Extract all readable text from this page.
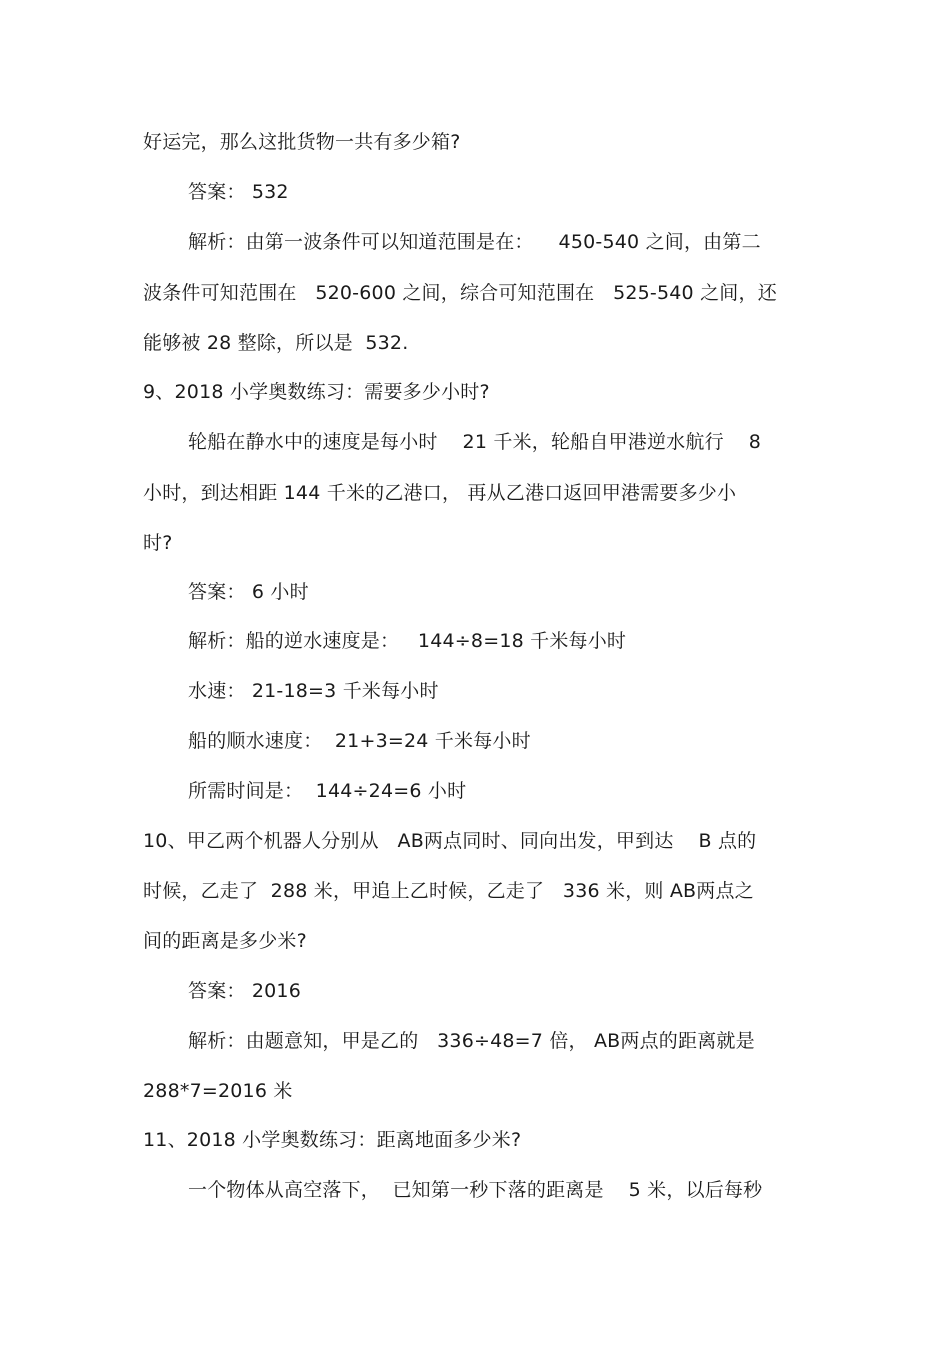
好运完，那么这批货物一共有多少箱?
答案： 532
解析：由第一波条件可以知道范围是在：    450-540 之间，由第二
波条件可知范围在   520-600 之间，综合可知范围在   525-540 之间，还
能够被 28 整除，所以是  532.
9、2018 小学奥数练习：需要多少小时?
轮船在静水中的速度是每小时    21 千米，轮船自甲港逆水航行    8
小时，到达相距 144 千米的乙港口， 再从乙港口返回甲港需要多少小
时?
答案： 6 小时
解析：船的逆水速度是：   144÷8=18 千米每小时
水速： 21-18=3 千米每小时
船的顺水速度：  21+3=24 千米每小时
所需时间是：  144÷24=6 小时
10、甲乙两个机器人分别从   AB两点同时、同向出发，甲到达    B 点的
时候，乙走了  288 米，甲追上乙时候，乙走了   336 米，则 AB两点之
间的距离是多少米?
答案： 2016
解析：由题意知，甲是乙的   336÷48=7 倍， AB两点的距离就是
288*7=2016 米
11、2018 小学奥数练习：距离地面多少米?
一个物体从高空落下，  已知第一秒下落的距离是    5 米，以后每秒
